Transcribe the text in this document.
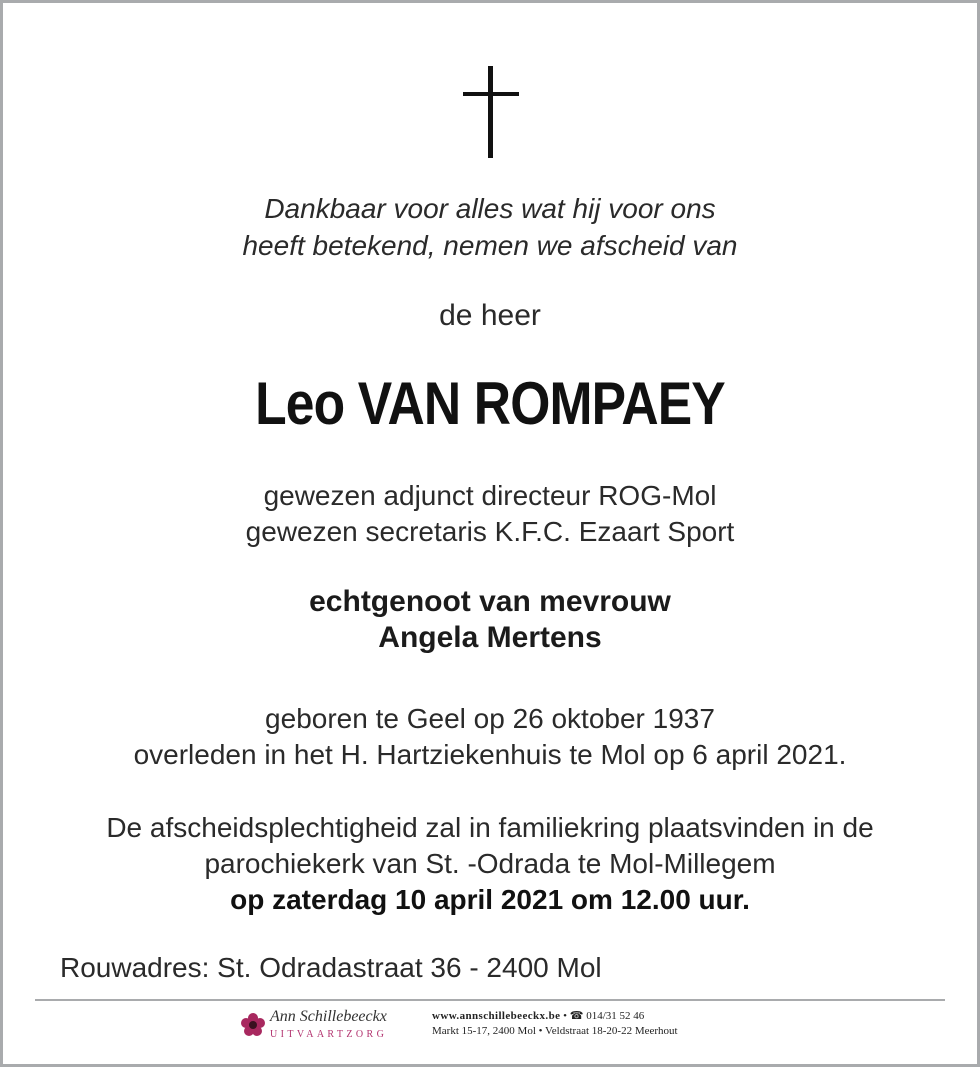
Dankbaar voor alles wat hij voor ons
heeft betekend, nemen we afscheid van
de heer
Leo VAN ROMPAEY
gewezen adjunct directeur ROG-Mol
gewezen secretaris K.F.C. Ezaart Sport
echtgenoot van mevrouw
Angela Mertens
geboren te Geel op 26 oktober 1937
overleden in het H. Hartziekenhuis te Mol op 6 april 2021.
De afscheidsplechtigheid zal in familiekring plaatsvinden in de
parochiekerk van St. -Odrada te Mol-Millegem
op zaterdag 10 april 2021 om 12.00 uur.
Rouwadres: St. Odradastraat 36 - 2400 Mol
Ann Schillebeeckx
UITVAARTZORG
www.annschillebeeckx.be • ☎ 014/31 52 46
Markt 15-17, 2400 Mol • Veldstraat 18-20-22 Meerhout
